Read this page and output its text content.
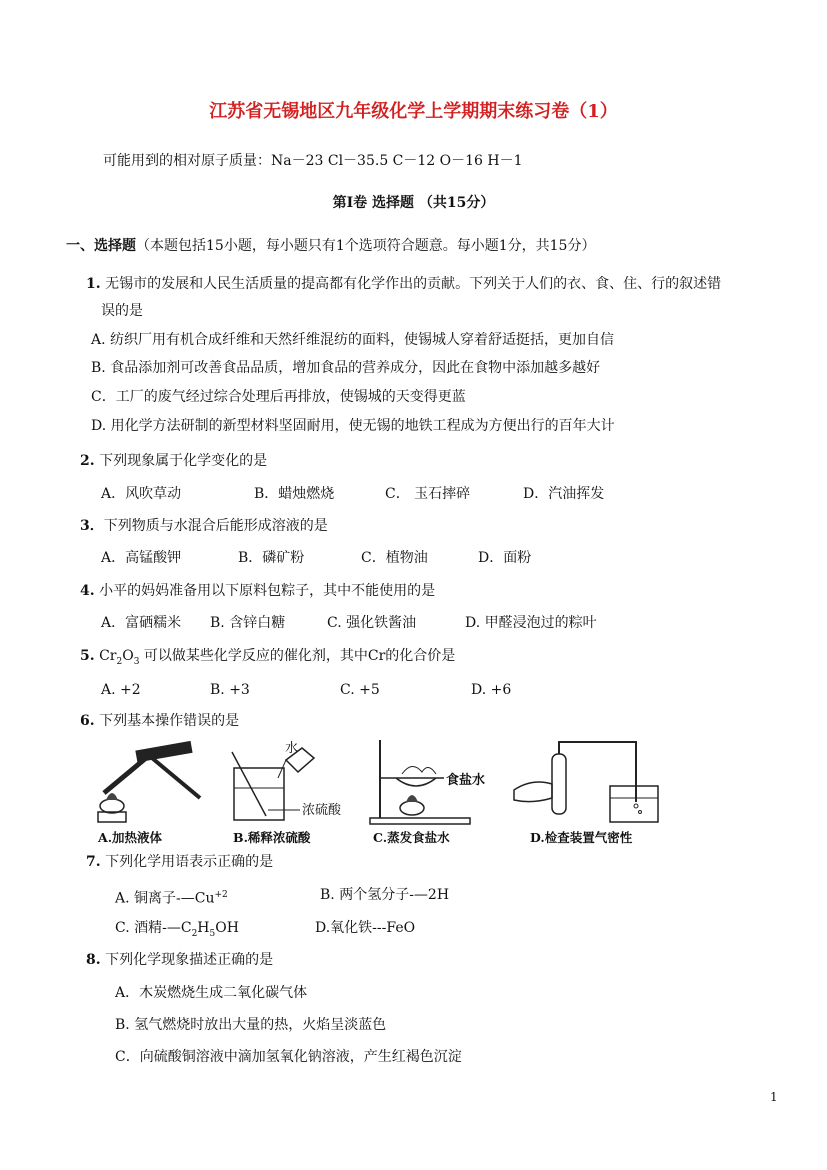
江苏省无锡地区九年级化学上学期期末练习卷（1）
可能用到的相对原子质量：Na－23 Cl－35.5 C－12 O－16 H－1
第Ⅰ卷 选择题 （共15分）
一、选择题（本题包括15小题，每小题只有1个选项符合题意。每小题1分，共15分）
1. 无锡市的发展和人民生活质量的提高都有化学作出的贡献。下列关于人们的衣、食、住、行的叙述错
误的是
A. 纺织厂用有机合成纤维和天然纤维混纺的面料，使锡城人穿着舒适挺括，更加自信
B. 食品添加剂可改善食品品质，增加食品的营养成分，因此在食物中添加越多越好
C．工厂的废气经过综合处理后再排放，使锡城的天变得更蓝
D. 用化学方法研制的新型材料坚固耐用，使无锡的地铁工程成为方便出行的百年大计
2. 下列现象属于化学变化的是
A．风吹草动	B．蜡烛燃烧	C． 玉石摔碎	D．汽油挥发
3．下列物质与水混合后能形成溶液的是
A．高锰酸钾	B．磷矿粉	C．植物油	D．面粉
4. 小平的妈妈准备用以下原料包粽子，其中不能使用的是
A．富硒糯米 B. 含锌白糖	C. 强化铁酱油	D. 甲醛浸泡过的粽叶
5. $Cr_2O_3$ 可以做某些化学反应的催化剂，其中Cr的化合价是
A. +2	B. +3	C. +5	D. +6
6. 下列基本操作错误的是
A.加热液体
水
浓硫酸
B.稀释浓硫酸
食盐水
C.蒸发食盐水	D.检查装置气密性
7. 下列化学用语表示正确的是
A. 铜离子$-—Cu^{+2}$	B. 两个氢分子-—2H
C. 酒精$-—C_2H_5OH$	D.氧化铁---FeO
8. 下列化学现象描述正确的是
A．木炭燃烧生成二氧化碳气体
B. 氢气燃烧时放出大量的热，火焰呈淡蓝色
C．向硫酸铜溶液中滴加氢氧化钠溶液，产生红褐色沉淀
1
